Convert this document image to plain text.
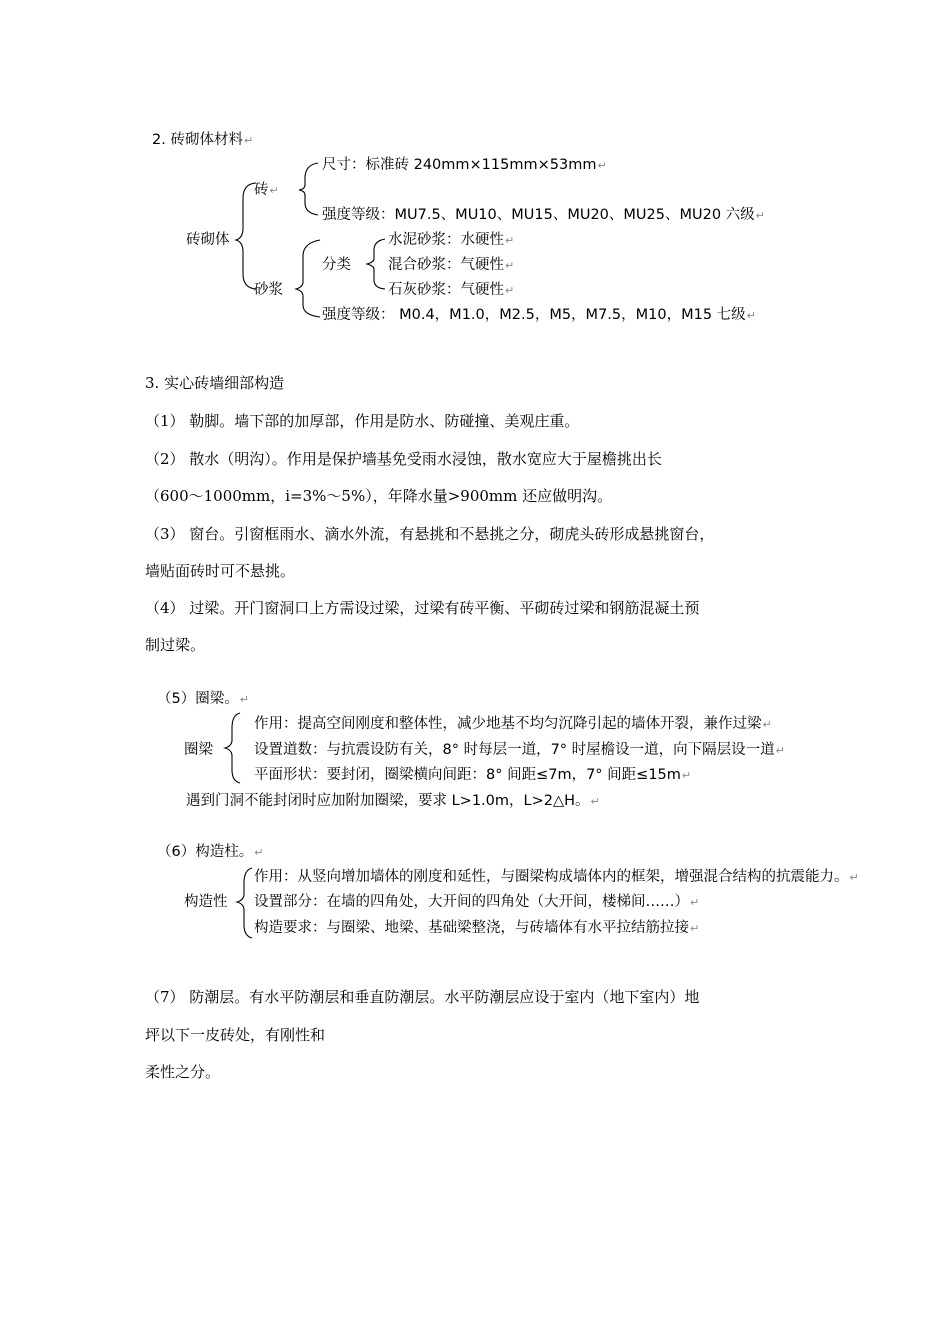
2. 砖砌体材料↵
砖砌体
砖↵
尺寸：标准砖 240mm×115mm×53mm↵
强度等级：MU7.5、MU10、MU15、MU20、MU25、MU20 六级↵
砂浆
分类
水泥砂浆：水硬性↵
混合砂浆：气硬性↵
石灰砂浆：气硬性↵
强度等级： M0.4，M1.0，M2.5，M5，M7.5，M10，M15 七级↵
3. 实心砖墙细部构造
（1） 勒脚。墙下部的加厚部，作用是防水、防碰撞、美观庄重。
（2） 散水（明沟）。作用是保护墙基免受雨水浸蚀，散水宽应大于屋檐挑出长
（600～1000mm，i=3%～5%），年降水量>900mm 还应做明沟。
（3） 窗台。引窗框雨水、滴水外流，有悬挑和不悬挑之分，砌虎头砖形成悬挑窗台，
墙贴面砖时可不悬挑。
（4） 过梁。开门窗洞口上方需设过梁，过梁有砖平衡、平砌砖过梁和钢筋混凝土预
制过梁。
（5）圈梁。↵
圈梁
作用：提高空间刚度和整体性，减少地基不均匀沉降引起的墙体开裂，兼作过梁↵
设置道数：与抗震设防有关，8° 时每层一道，7° 时屋檐设一道，向下隔层设一道↵
平面形状：要封闭，圈梁横向间距：8° 间距≤7m，7° 间距≤15m↵
遇到门洞不能封闭时应加附加圈梁，要求 L>1.0m，L>2△H。↵
（6）构造柱。↵
构造性
作用：从竖向增加墙体的刚度和延性，与圈梁构成墙体内的框架，增强混合结构的抗震能力。↵
设置部分：在墙的四角处，大开间的四角处（大开间，楼梯间……）↵
构造要求：与圈梁、地梁、基础梁整浇，与砖墙体有水平拉结筋拉接↵
（7） 防潮层。有水平防潮层和垂直防潮层。水平防潮层应设于室内（地下室内）地
坪以下一皮砖处，有刚性和
柔性之分。
